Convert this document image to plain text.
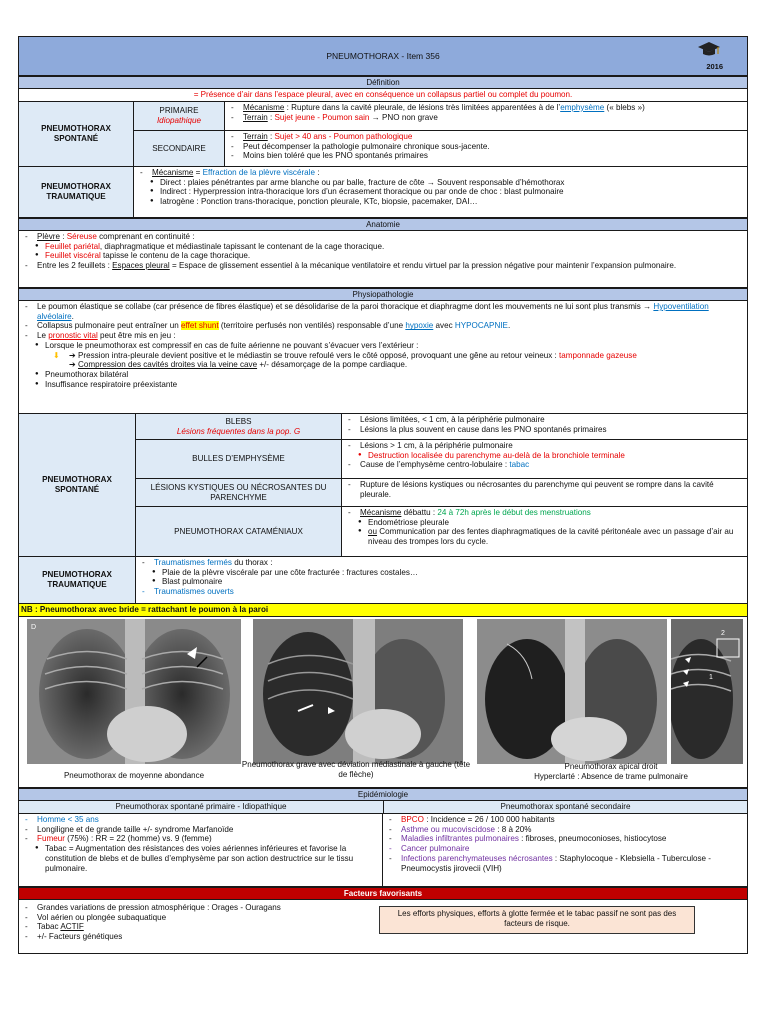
PNEUMOTHORAX - Item 356
2016
Définition
= Présence d’air dans l’espace pleural, avec en conséquence un collapsus partiel ou complet du poumon.
PNEUMOTHORAX SPONTANÉ
PRIMAIRE
Idiopathique
- Mécanisme : Rupture dans la cavité pleurale, de lésions très limitées apparentées à de l’emphysème (« blebs »)
- Terrain : Sujet jeune - Poumon sain → PNO non grave
SECONDAIRE
- Terrain : Sujet > 40 ans - Poumon pathologique
- Peut décompenser la pathologie pulmonaire chronique sous-jacente.
- Moins bien toléré que les PNO spontanés primaires
PNEUMOTHORAX TRAUMATIQUE
- Mécanisme = Effraction de la plèvre viscérale :
● Direct : plaies pénétrantes par arme blanche ou par balle, fracture de côte → Souvent responsable d’hémothorax
● Indirect : Hyperpression intra-thoracique lors d’un écrasement thoracique ou par onde de choc : blast pulmonaire
● Iatrogène : Ponction trans-thoracique, ponction pleurale, KTc, biopsie, pacemaker, DAI…
Anatomie
- Plèvre : Séreuse comprenant en continuité :
● Feuillet pariétal, diaphragmatique et médiastinale tapissant le contenant de la cage thoracique.
● Feuillet viscéral tapisse le contenu de la cage thoracique.
- Entre les 2 feuillets : Espaces pleural = Espace de glissement essentiel à la mécanique ventilatoire et rendu virtuel par la pression négative pour maintenir l’expansion pulmonaire.
Physiopathologie
- Le poumon élastique se collabe (car présence de fibres élastique) et se désolidarise de la paroi thoracique et diaphragme dont les mouvements ne lui sont plus transmis → Hypoventilation alvéolaire.
- Collapsus pulmonaire peut entraîner un effet shunt (territoire perfusés non ventilés) responsable d’une hypoxie avec HYPOCAPNIE.
- Le pronostic vital peut être mis en jeu :
● Lorsque le pneumothorax est compressif en cas de fuite aérienne ne pouvant s’évacuer vers l’extérieur :
⬇ ➔ Pression intra-pleurale devient positive et le médiastin se trouve refoulé vers le côté opposé, provoquant une gêne au retour veineux : tamponnade gazeuse
➔ Compression des cavités droites via la veine cave +/- désamorçage de la pompe cardiaque.
● Pneumothorax bilatéral
● Insuffisance respiratoire préexistante
PNEUMOTHORAX SPONTANÉ
BLEBS
Lésions fréquentes dans la pop. G
- Lésions limitées, < 1 cm, à la périphérie pulmonaire
- Lésions la plus souvent en cause dans les PNO spontanés primaires
BULLES D’EMPHYSÈME
- Lésions > 1 cm, à la périphérie pulmonaire
● Destruction localisée du parenchyme au-delà de la bronchiole terminale
- Cause de l’emphysème centro-lobulaire : tabac
LÉSIONS KYSTIQUES OU NÉCROSANTES DU PARENCHYME
- Rupture de lésions kystiques ou nécrosantes du parenchyme qui peuvent se rompre dans la cavité pleurale.
PNEUMOTHORAX CATAMÉNIAUX
- Mécanisme débattu : 24 à 72h après le début des menstruations
● Endométriose pleurale
● ou Communication par des fentes diaphragmatiques de la cavité péritonéale avec un passage d’air au niveau des trompes lors du cycle.
PNEUMOTHORAX TRAUMATIQUE
- Traumatismes fermés du thorax :
● Plaie de la plèvre viscérale par une côte fracturée : fractures costales…
● Blast pulmonaire
- Traumatismes ouverts
NB : Pneumothorax avec bride = rattachant le poumon à la paroi
D
2
1
Pneumothorax de moyenne abondance
Pneumothorax grave avec déviation médiastinale à gauche (tête de flèche)
Pneumothorax apical droit
Hyperclarté : Absence de trame pulmonaire
Epidémiologie
Pneumothorax spontané primaire - Idiopathique	Pneumothorax spontané secondaire
- Homme < 35 ans
- Longiligne et de grande taille +/- syndrome Marfanoïde
- Fumeur (75%) : RR = 22 (homme) vs. 9 (femme)
● Tabac = Augmentation des résistances des voies aériennes inférieures et favorise la constitution de blebs et de bulles d’emphysème par son action destructrice sur le tissu pulmonaire.
- BPCO : Incidence = 26 / 100 000 habitants
- Asthme ou mucoviscidose : 8 à 20%
- Maladies infiltrantes pulmonaires : fibroses, pneumoconioses, histiocytose
- Cancer pulmonaire
- Infections parenchymateuses nécrosantes : Staphylocoque - Klebsiella - Tuberculose - Pneumocystis jirovecii (VIH)
Facteurs favorisants
- Grandes variations de pression atmosphérique : Orages - Ouragans
- Vol aérien ou plongée subaquatique
- Tabac ACTIF
- +/- Facteurs génétiques
Les efforts physiques, efforts à glotte fermée et le tabac passif ne sont pas des facteurs de risque.
